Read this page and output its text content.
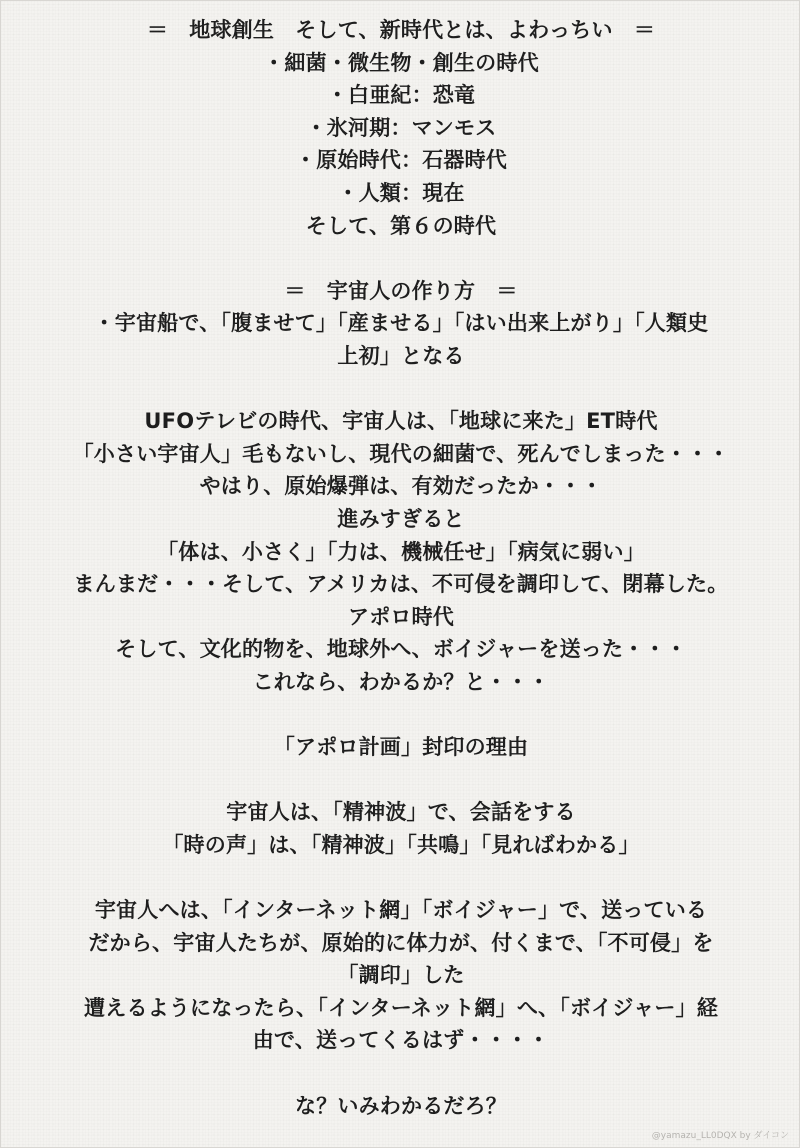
＝　地球創生　そして、新時代とは、よわっちい　＝
・細菌・微生物・創生の時代
・白亜紀：恐竜
・氷河期：マンモス
・原始時代：石器時代
・人類：現在
そして、第６の時代
＝　宇宙人の作り方　＝
・宇宙船で、「腹ませて」「産ませる」「はい出来上がり」「人類史
上初」となる
UFOテレビの時代、宇宙人は、「地球に来た」ET時代
「小さい宇宙人」毛もないし、現代の細菌で、死んでしまった・・・
やはり、原始爆弾は、有効だったか・・・
進みすぎると
「体は、小さく」「力は、機械任せ」「病気に弱い」
まんまだ・・・そして、アメリカは、不可侵を調印して、閉幕した。
アポロ時代
そして、文化的物を、地球外へ、ボイジャーを送った・・・
これなら、わかるか？と・・・
「アポロ計画」封印の理由
宇宙人は、「精神波」で、会話をする
「時の声」は、「精神波」「共鳴」「見ればわかる」
宇宙人へは、「インターネット網」「ボイジャー」で、送っている
だから、宇宙人たちが、原始的に体力が、付くまで、「不可侵」を
「調印」した
遭えるようになったら、「インターネット網」へ、「ボイジャー」経
由で、送ってくるはず・・・・
な？いみわかるだろ？
@yamazu_LL0DQX by ダイコン
